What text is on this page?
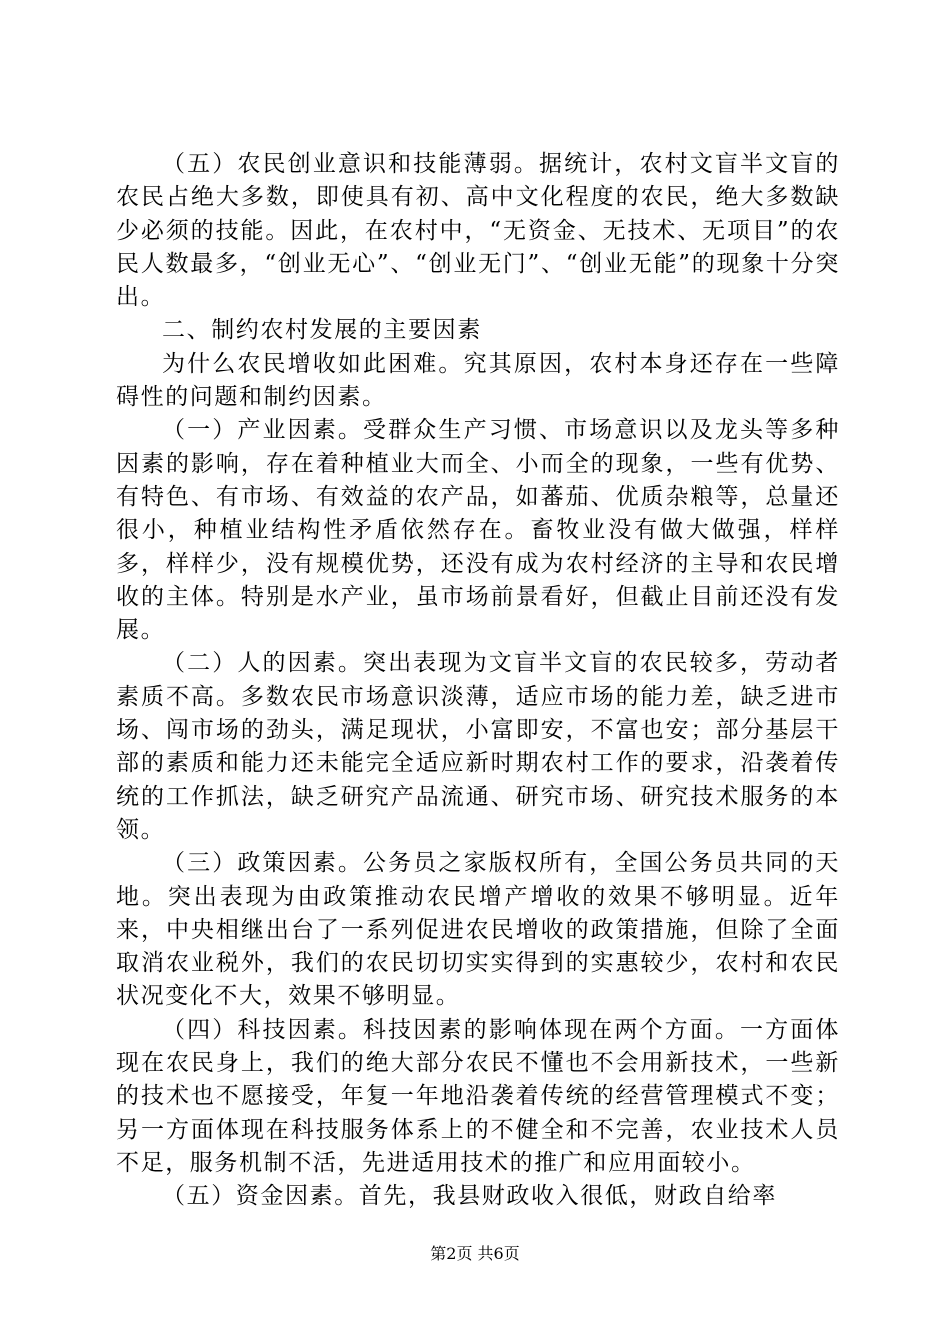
（五）农民创业意识和技能薄弱。据统计，农村文盲半文盲的农民占绝大多数，即使具有初、高中文化程度的农民，绝大多数缺少必须的技能。因此，在农村中，“无资金、无技术、无项目”的农民人数最多，“创业无心”、“创业无门”、“创业无能”的现象十分突出。

二、制约农村发展的主要因素

为什么农民增收如此困难。究其原因，农村本身还存在一些障碍性的问题和制约因素。

（一）产业因素。受群众生产习惯、市场意识以及龙头等多种因素的影响，存在着种植业大而全、小而全的现象，一些有优势、有特色、有市场、有效益的农产品，如蕃茄、优质杂粮等，总量还很小，种植业结构性矛盾依然存在。畜牧业没有做大做强，样样多，样样少，没有规模优势，还没有成为农村经济的主导和农民增收的主体。特别是水产业，虽市场前景看好，但截止目前还没有发展。

（二）人的因素。突出表现为文盲半文盲的农民较多，劳动者素质不高。多数农民市场意识淡薄，适应市场的能力差，缺乏进市场、闯市场的劲头，满足现状，小富即安，不富也安；部分基层干部的素质和能力还未能完全适应新时期农村工作的要求，沿袭着传统的工作抓法，缺乏研究产品流通、研究市场、研究技术服务的本领。

（三）政策因素。公务员之家版权所有，全国公务员共同的天地。突出表现为由政策推动农民增产增收的效果不够明显。近年来，中央相继出台了一系列促进农民增收的政策措施，但除了全面取消农业税外，我们的农民切切实实得到的实惠较少，农村和农民状况变化不大，效果不够明显。

（四）科技因素。科技因素的影响体现在两个方面。一方面体现在农民身上，我们的绝大部分农民不懂也不会用新技术，一些新的技术也不愿接受，年复一年地沿袭着传统的经营管理模式不变；另一方面体现在科技服务体系上的不健全和不完善，农业技术人员不足，服务机制不活，先进适用技术的推广和应用面较小。

（五）资金因素。首先，我县财政收入很低，财政自给率

第2页 共6页
